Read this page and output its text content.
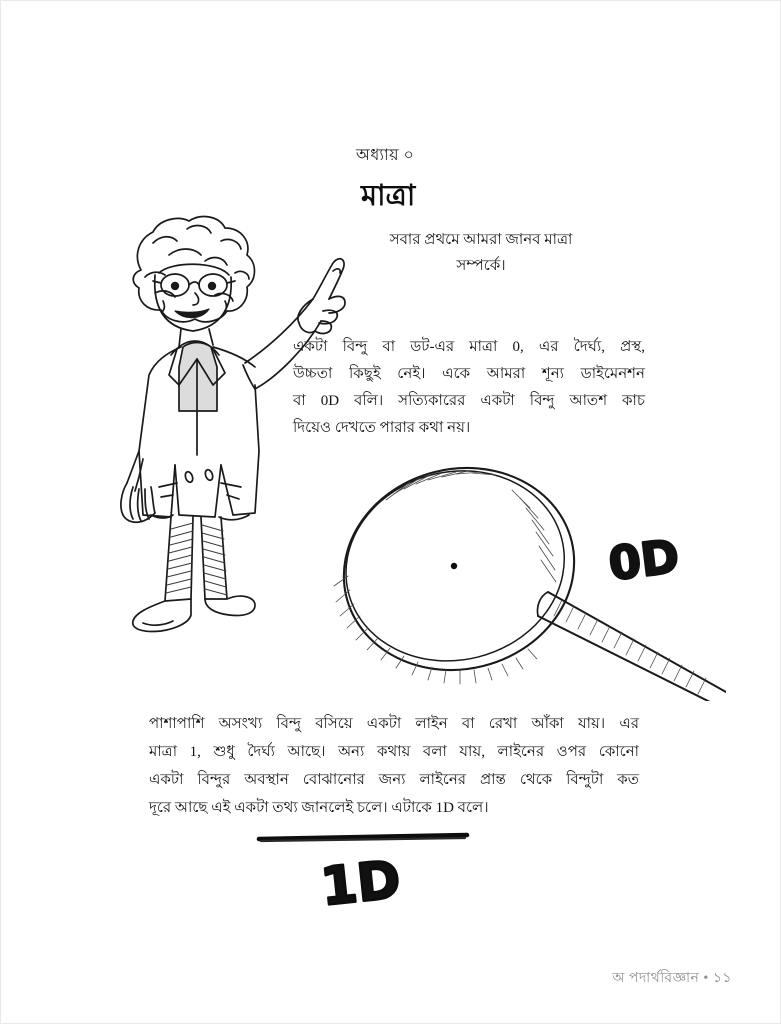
অধ্যায় ০
মাত্রা
সবার প্রথমে আমরা জানব মাত্রা
সম্পর্কে।
একটা বিন্দু বা ডট-এর মাত্রা 0, এর দৈর্ঘ্য, প্রস্থ,
উচ্চতা কিছুই নেই। একে আমরা শূন্য ডাইমেনশন
বা 0D বলি। সত্যিকারের একটা বিন্দু আতশ কাচ
দিয়েও দেখতে পারার কথা নয়।
0D
পাশাপাশি অসংখ্য বিন্দু বসিয়ে একটা লাইন বা রেখা আঁকা যায়। এর
মাত্রা 1, শুধু দৈর্ঘ্য আছে। অন্য কথায় বলা যায়, লাইনের ওপর কোনো
একটা বিন্দুর অবস্থান বোঝানোর জন্য লাইনের প্রান্ত থেকে বিন্দুটা কত
দূরে আছে এই একটা তথ্য জানলেই চলে। এটাকে 1D বলে।
1D
অ পদার্থবিজ্ঞান • ১১
